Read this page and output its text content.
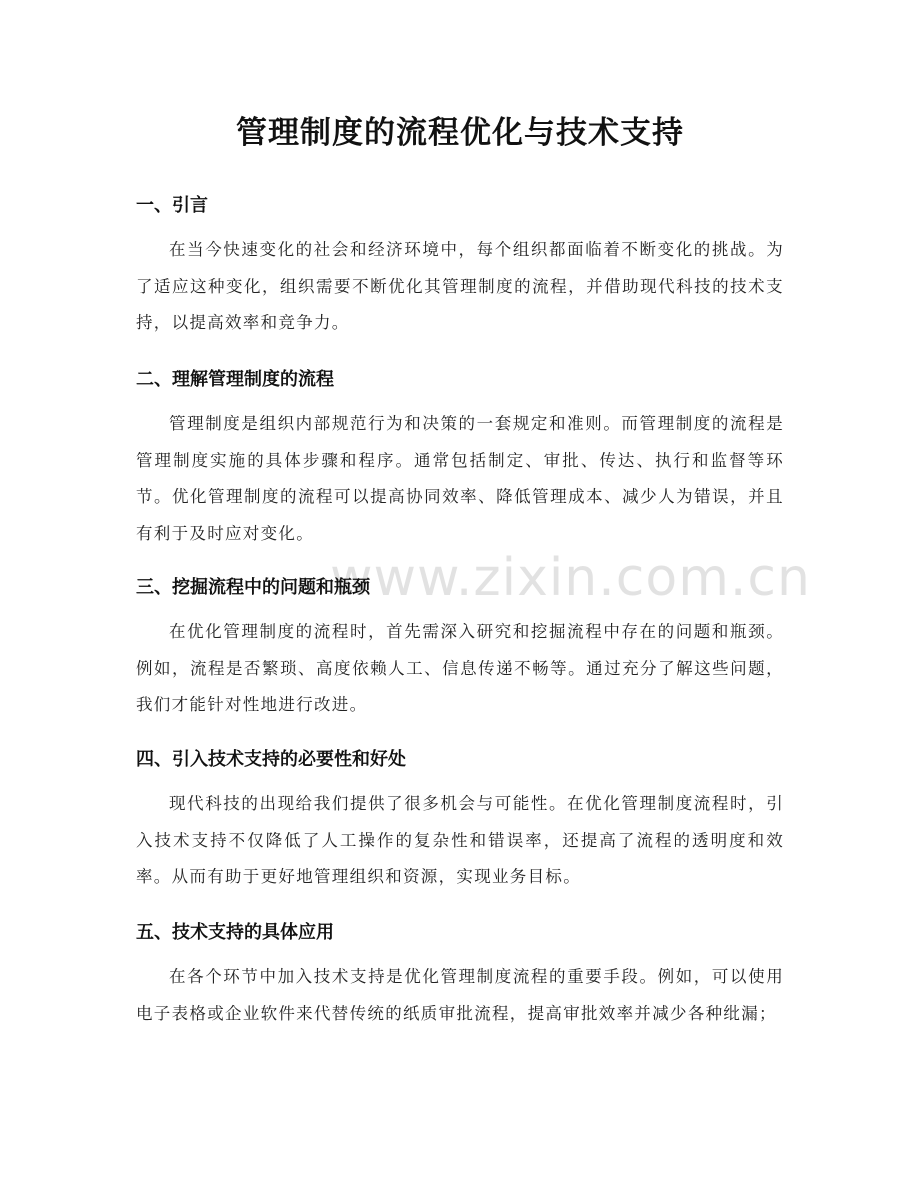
管理制度的流程优化与技术支持
www.zixin.com.cn
一、引言
在当今快速变化的社会和经济环境中，每个组织都面临着不断变化的挑战。为了适应这种变化，组织需要不断优化其管理制度的流程，并借助现代科技的技术支持，以提高效率和竞争力。
二、理解管理制度的流程
管理制度是组织内部规范行为和决策的一套规定和准则。而管理制度的流程是管理制度实施的具体步骤和程序。通常包括制定、审批、传达、执行和监督等环节。优化管理制度的流程可以提高协同效率、降低管理成本、减少人为错误，并且有利于及时应对变化。
三、挖掘流程中的问题和瓶颈
在优化管理制度的流程时，首先需深入研究和挖掘流程中存在的问题和瓶颈。例如，流程是否繁琐、高度依赖人工、信息传递不畅等。通过充分了解这些问题，我们才能针对性地进行改进。
四、引入技术支持的必要性和好处
现代科技的出现给我们提供了很多机会与可能性。在优化管理制度流程时，引入技术支持不仅降低了人工操作的复杂性和错误率，还提高了流程的透明度和效率。从而有助于更好地管理组织和资源，实现业务目标。
五、技术支持的具体应用
在各个环节中加入技术支持是优化管理制度流程的重要手段。例如，可以使用电子表格或企业软件来代替传统的纸质审批流程，提高审批效率并减少各种纰漏；
